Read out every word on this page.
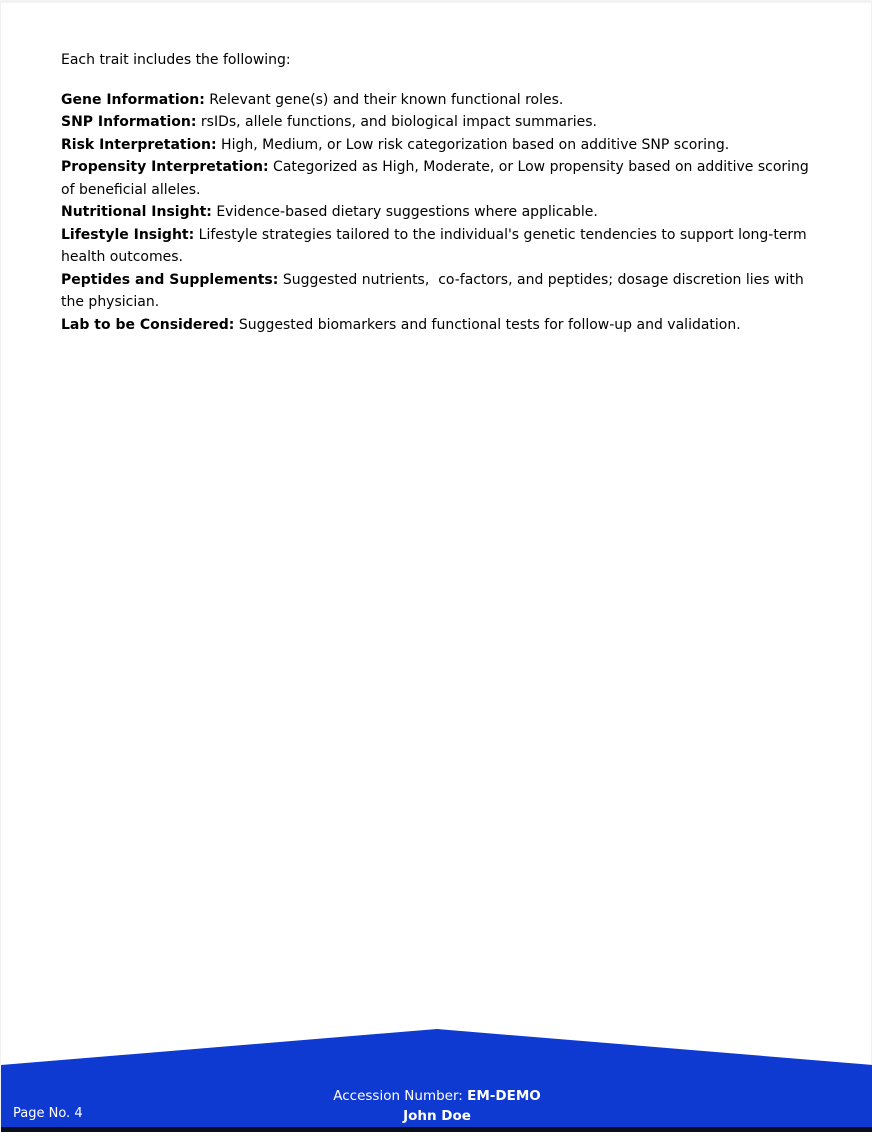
Each trait includes the following:

Gene Information: Relevant gene(s) and their known functional roles.

SNP Information: rsIDs, allele functions, and biological impact summaries.

Risk Interpretation: High, Medium, or Low risk categorization based on additive SNP scoring.

Propensity Interpretation: Categorized as High, Moderate, or Low propensity based on additive scoring of beneficial alleles.

Nutritional Insight: Evidence-based dietary suggestions where applicable.

Lifestyle Insight: Lifestyle strategies tailored to the individual's genetic tendencies to support long-term health outcomes.

Peptides and Supplements: Suggested nutrients,  co-factors, and peptides; dosage discretion lies with the physician.

Lab to be Considered: Suggested biomarkers and functional tests for follow-up and validation.

Accession Number: EM-DEMO
John Doe
Page No. 4
